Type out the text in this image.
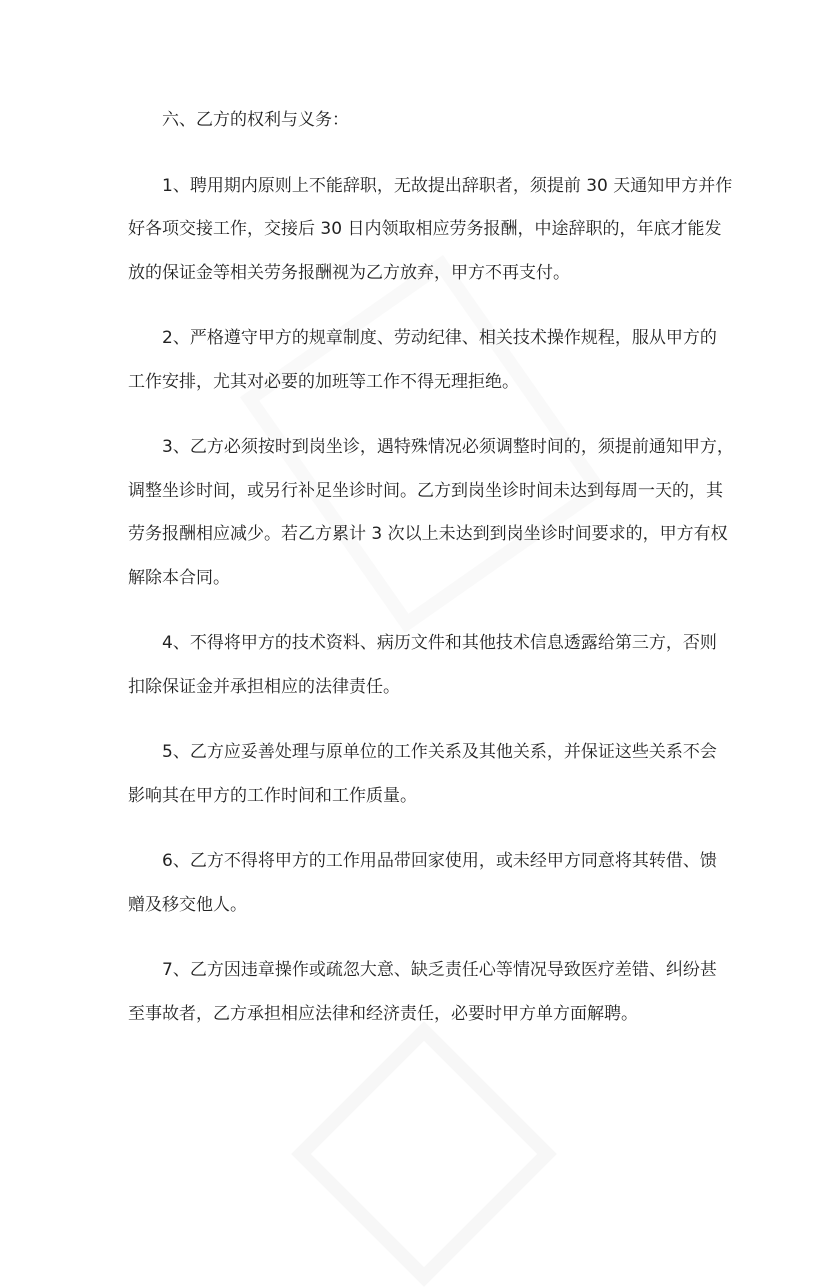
六、乙方的权利与义务：
1、聘用期内原则上不能辞职，无故提出辞职者，须提前 30 天通知甲方并作
好各项交接工作，交接后 30 日内领取相应劳务报酬，中途辞职的，年底才能发
放的保证金等相关劳务报酬视为乙方放弃，甲方不再支付。
2、严格遵守甲方的规章制度、劳动纪律、相关技术操作规程，服从甲方的
工作安排，尤其对必要的加班等工作不得无理拒绝。
3、乙方必须按时到岗坐诊，遇特殊情况必须调整时间的，须提前通知甲方，
调整坐诊时间，或另行补足坐诊时间。乙方到岗坐诊时间未达到每周一天的，其
劳务报酬相应减少。若乙方累计 3 次以上未达到到岗坐诊时间要求的，甲方有权
解除本合同。
4、不得将甲方的技术资料、病历文件和其他技术信息透露给第三方，否则
扣除保证金并承担相应的法律责任。
5、乙方应妥善处理与原单位的工作关系及其他关系，并保证这些关系不会
影响其在甲方的工作时间和工作质量。
6、乙方不得将甲方的工作用品带回家使用，或未经甲方同意将其转借、馈
赠及移交他人。
7、乙方因违章操作或疏忽大意、缺乏责任心等情况导致医疗差错、纠纷甚
至事故者，乙方承担相应法律和经济责任，必要时甲方单方面解聘。
